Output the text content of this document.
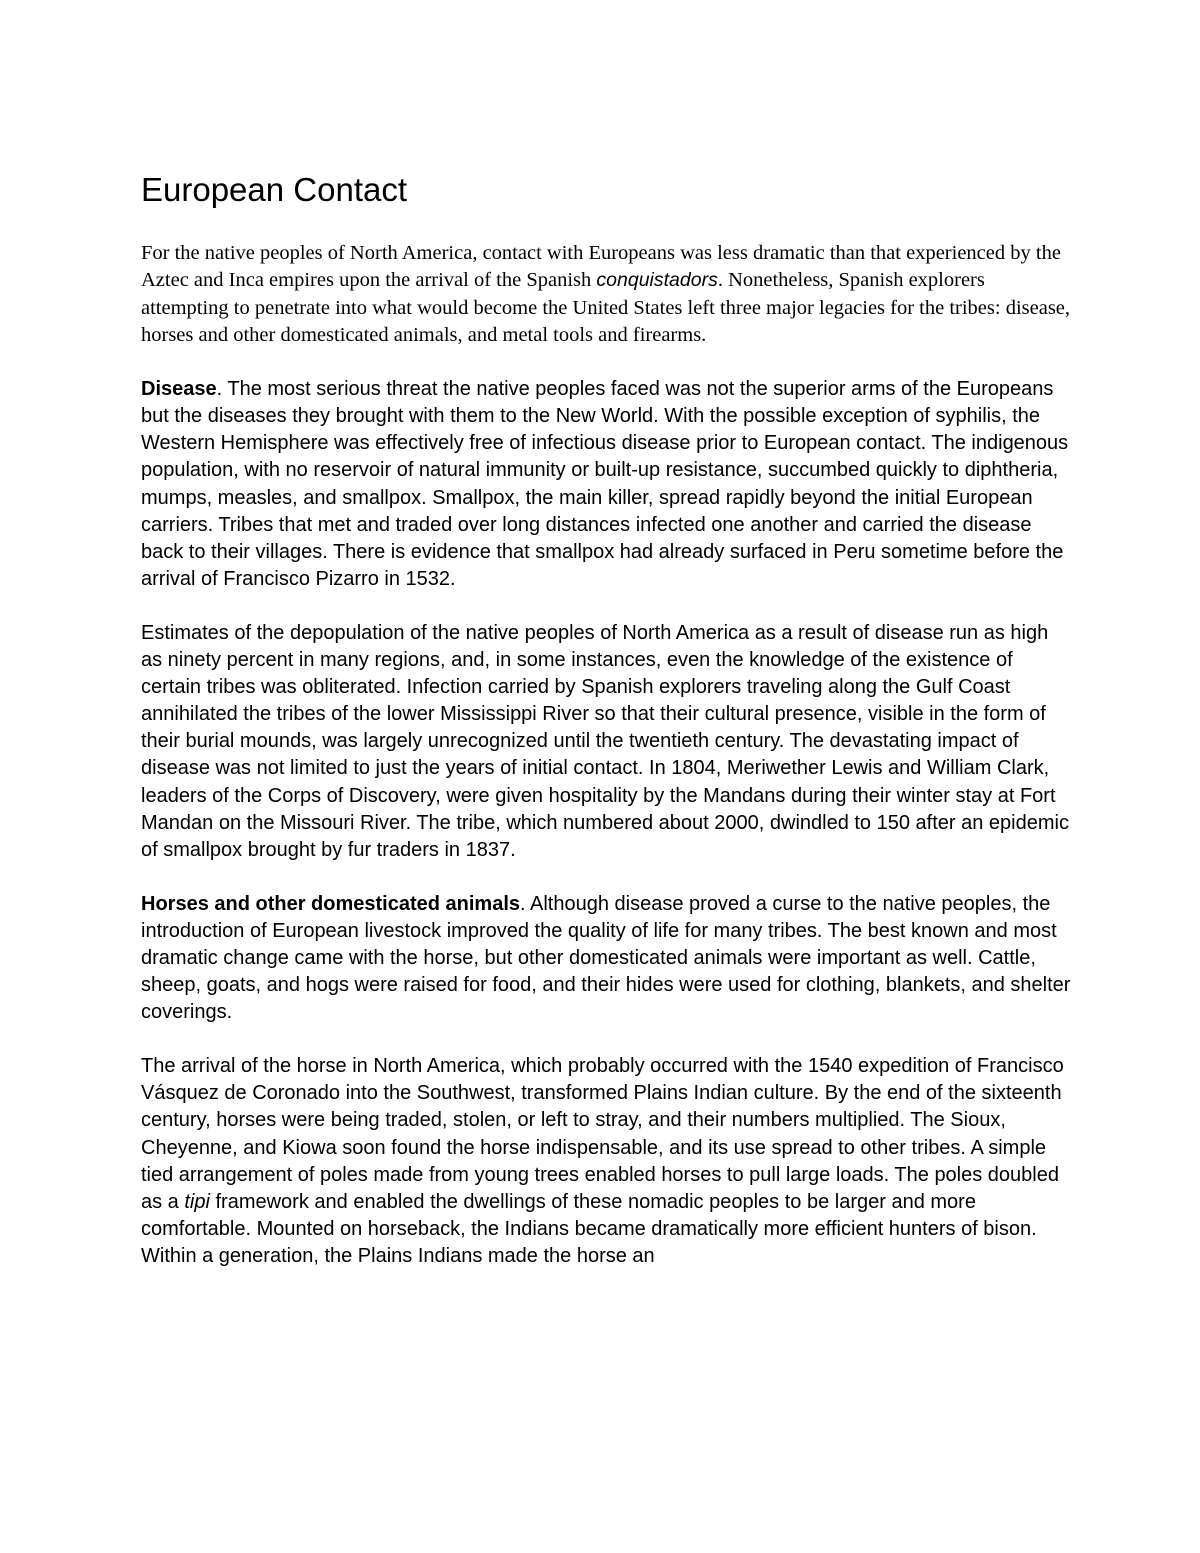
European Contact

For the native peoples of North America, contact with Europeans was less dramatic than that experienced by the Aztec and Inca empires upon the arrival of the Spanish conquistadors. Nonetheless, Spanish explorers attempting to penetrate into what would become the United States left three major legacies for the tribes: disease, horses and other domesticated animals, and metal tools and firearms.

Disease. The most serious threat the native peoples faced was not the superior arms of the Europeans but the diseases they brought with them to the New World. With the possible exception of syphilis, the Western Hemisphere was effectively free of infectious disease prior to European contact. The indigenous population, with no reservoir of natural immunity or built-up resistance, succumbed quickly to diphtheria, mumps, measles, and smallpox. Smallpox, the main killer, spread rapidly beyond the initial European carriers. Tribes that met and traded over long distances infected one another and carried the disease back to their villages. There is evidence that smallpox had already surfaced in Peru sometime before the arrival of Francisco Pizarro in 1532.

Estimates of the depopulation of the native peoples of North America as a result of disease run as high as ninety percent in many regions, and, in some instances, even the knowledge of the existence of certain tribes was obliterated. Infection carried by Spanish explorers traveling along the Gulf Coast annihilated the tribes of the lower Mississippi River so that their cultural presence, visible in the form of their burial mounds, was largely unrecognized until the twentieth century. The devastating impact of disease was not limited to just the years of initial contact. In 1804, Meriwether Lewis and William Clark, leaders of the Corps of Discovery, were given hospitality by the Mandans during their winter stay at Fort Mandan on the Missouri River. The tribe, which numbered about 2000, dwindled to 150 after an epidemic of smallpox brought by fur traders in 1837.

Horses and other domesticated animals. Although disease proved a curse to the native peoples, the introduction of European livestock improved the quality of life for many tribes. The best known and most dramatic change came with the horse, but other domesticated animals were important as well. Cattle, sheep, goats, and hogs were raised for food, and their hides were used for clothing, blankets, and shelter coverings.

The arrival of the horse in North America, which probably occurred with the 1540 expedition of Francisco Vásquez de Coronado into the Southwest, transformed Plains Indian culture. By the end of the sixteenth century, horses were being traded, stolen, or left to stray, and their numbers multiplied. The Sioux, Cheyenne, and Kiowa soon found the horse indispensable, and its use spread to other tribes. A simple tied arrangement of poles made from young trees enabled horses to pull large loads. The poles doubled as a tipi framework and enabled the dwellings of these nomadic peoples to be larger and more comfortable. Mounted on horseback, the Indians became dramatically more efficient hunters of bison. Within a generation, the Plains Indians made the horse an
